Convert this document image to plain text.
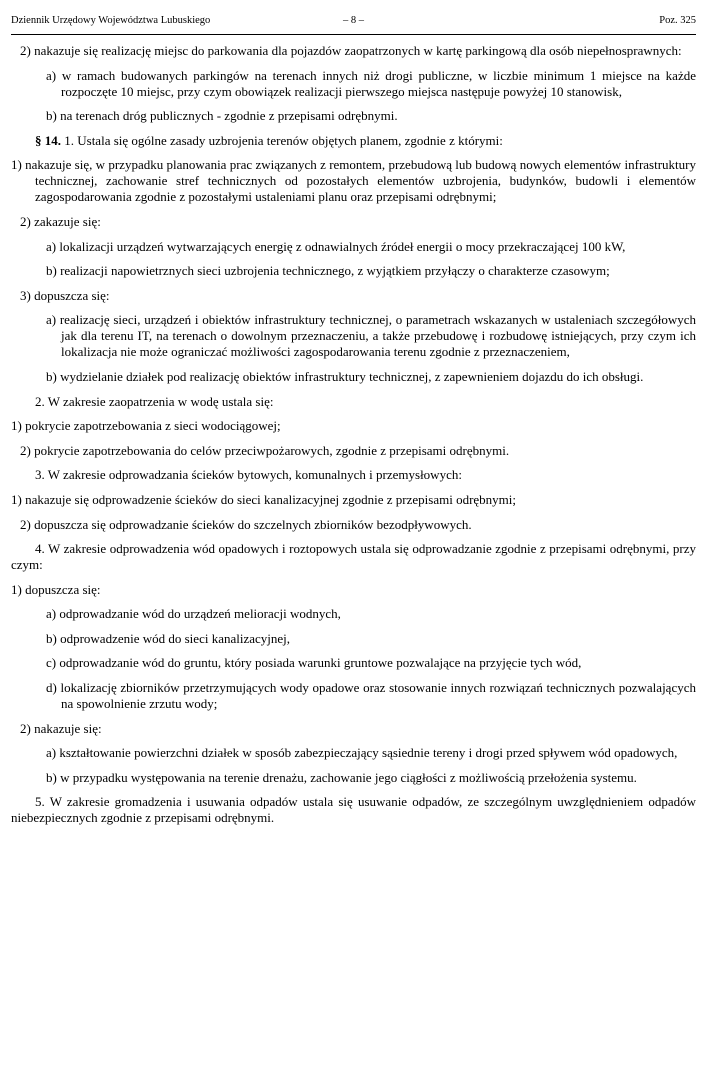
Dziennik Urzędowy Województwa Lubuskiego	– 8 –	Poz. 325

2) nakazuje się realizację miejsc do parkowania dla pojazdów zaopatrzonych w kartę parkingową dla osób niepełnosprawnych:

a) w ramach budowanych parkingów na terenach innych niż drogi publiczne, w liczbie minimum 1 miejsce na każde rozpoczęte 10 miejsc, przy czym obowiązek realizacji pierwszego miejsca następuje powyżej 10 stanowisk,

b) na terenach dróg publicznych - zgodnie z przepisami odrębnymi.

§ 14. 1. Ustala się ogólne zasady uzbrojenia terenów objętych planem, zgodnie z którymi:

1) nakazuje się, w przypadku planowania prac związanych z remontem, przebudową lub budową nowych elementów infrastruktury technicznej, zachowanie stref technicznych od pozostałych elementów uzbrojenia, budynków, budowli i elementów zagospodarowania zgodnie z pozostałymi ustaleniami planu oraz przepisami odrębnymi;

2) zakazuje się:

a) lokalizacji urządzeń wytwarzających energię z odnawialnych źródeł energii o mocy przekraczającej 100 kW,

b) realizacji napowietrznych sieci uzbrojenia technicznego, z wyjątkiem przyłączy o charakterze czasowym;

3) dopuszcza się:

a) realizację sieci, urządzeń i obiektów infrastruktury technicznej, o parametrach wskazanych w ustaleniach szczegółowych jak dla terenu IT, na terenach o dowolnym przeznaczeniu, a także przebudowę i rozbudowę istniejących, przy czym ich lokalizacja nie może ograniczać możliwości zagospodarowania terenu zgodnie z przeznaczeniem,

b) wydzielanie działek pod realizację obiektów infrastruktury technicznej, z zapewnieniem dojazdu do ich obsługi.

2. W zakresie zaopatrzenia w wodę ustala się:

1) pokrycie zapotrzebowania z sieci wodociągowej;

2) pokrycie zapotrzebowania do celów przeciwpożarowych, zgodnie z przepisami odrębnymi.

3. W zakresie odprowadzania ścieków bytowych, komunalnych i przemysłowych:

1) nakazuje się odprowadzenie ścieków do sieci kanalizacyjnej zgodnie z przepisami odrębnymi;

2) dopuszcza się odprowadzanie ścieków do szczelnych zbiorników bezodpływowych.

4. W zakresie odprowadzenia wód opadowych i roztopowych ustala się odprowadzanie zgodnie z przepisami odrębnymi, przy czym:

1) dopuszcza się:

a) odprowadzanie wód do urządzeń melioracji wodnych,

b) odprowadzenie wód do sieci kanalizacyjnej,

c) odprowadzanie wód do gruntu, który posiada warunki gruntowe pozwalające na przyjęcie tych wód,

d) lokalizację zbiorników przetrzymujących wody opadowe oraz stosowanie innych rozwiązań technicznych pozwalających na spowolnienie zrzutu wody;

2) nakazuje się:

a) kształtowanie powierzchni działek w sposób zabezpieczający sąsiednie tereny i drogi przed spływem wód opadowych,

b) w przypadku występowania na terenie drenażu, zachowanie jego ciągłości z możliwością przełożenia systemu.

5. W zakresie gromadzenia i usuwania odpadów ustala się usuwanie odpadów, ze szczególnym uwzględnieniem odpadów niebezpiecznych zgodnie z przepisami odrębnymi.
